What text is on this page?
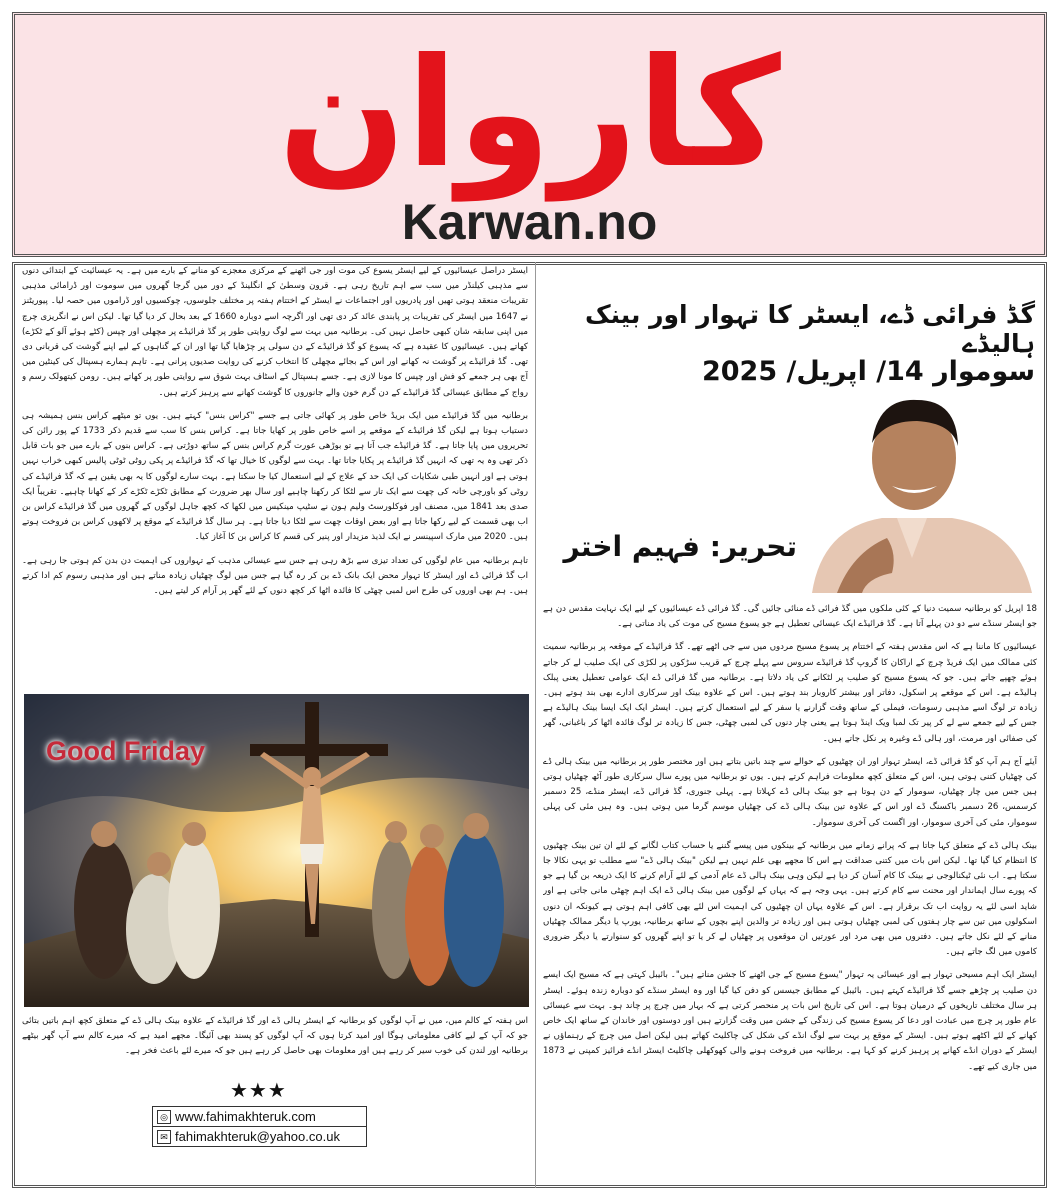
کاروان
Karwan.no

ایسٹر دراصل عیسائیوں کے لیے ایسٹر یسوع کی موت اور جی اٹھنے کے مرکزی معجزے کو منانے کے بارے میں ہے۔ یہ عیسائیت کے ابتدائی دنوں سے مذہبی کیلنڈر میں سب سے اہم تاریخ رہی ہے۔ قرون وسطیٰ کے انگلینڈ کے دور میں گرجا گھروں میں سوموت اور ڈرامائی مذہبی تقریبات منعقد ہوتی تھیں اور پادریوں اور اجتماعات نے ایسٹر کے اختتام ہفتہ پر مختلف جلوسوں، چوکسیوں اور ڈراموں میں حصہ لیا۔ پیوریٹنز نے 1647 میں ایسٹر کی تقریبات پر پابندی عائد کر دی تھی اور اگرچہ اسے دوبارہ 1660 کے بعد بحال کر دیا گیا تھا۔ لیکن اس نے انگریزی چرچ میں اپنی سابقہ شان کبھی حاصل نہیں کی۔ برطانیہ میں بہت سے لوگ روایتی طور پر گڈ فرائیڈے پر مچھلی اور چپس (کٹے ہوئے آلو کے ٹکڑے) کھاتے ہیں۔ عیسائیوں کا عقیدہ ہے کہ یسوع کو گڈ فرائیڈے کے دن سولی پر چڑھایا گیا تھا اور ان کے گناہوں کے لیے اپنے گوشت کی قربانی دی تھی۔ گڈ فرائیڈے پر گوشت نہ کھانے اور اس کے بجائے مچھلی کا انتخاب کرنے کی روایت صدیوں پرانی ہے۔ تاہم ہمارے ہسپتال کی کینٹین میں آج بھی ہر جمعے کو فش اور چپس کا مونا لازی ہے۔ جسے ہسپتال کے اسٹاف بہت شوق سے روایتی طور پر کھاتے ہیں۔ رومن کیتھولک رسم و رواج کے مطابق عیسائی گڈ فرائیڈے کے دن گرم خون والے جانوروں کا گوشت کھانے سے پرہیز کرتے ہیں۔

برطانیہ میں گڈ فرائیڈے میں ایک بریڈ خاص طور پر کھائی جاتی ہے جسے "کراس بنس" کہتے ہیں۔ یوں تو میٹھے کراس بنس ہمیشہ ہی دستیاب ہوتا ہے لیکن گڈ فرائیڈے کے موقعے پر اسے خاص طور پر کھایا جاتا ہے۔ کراس بنس کا سب سے قدیم ذکر 1733 کے پور رائن کی تحریروں میں پایا جاتا ہے۔ گڈ فرائیڈے جب آتا ہے تو بوڑھی عورت گرم کراس بنس کے ساتھ دوڑتی ہے۔ کراس بنوں کے بارے میں جو بات قابل ذکر تھی وہ یہ تھی کہ انہیں گڈ فرائیڈے پر پکایا جاتا تھا۔ بہت سے لوگوں کا خیال تھا کہ گڈ فرائیڈے پر پکی روٹی ٹوٹی پالیس کبھی خراب نہیں ہوتی ہے اور انہیں طبی شکایات کی ایک حد کے علاج کے لیے استعمال کیا جا سکتا ہے۔ بہت سارے لوگوں کا یہ بھی یقین ہے کہ گڈ فرائیڈے کی روٹی کو باورچی خانہ کی چھت سے ایک تار سے لٹکا کر رکھنا چاہیے اور سال بھر ضرورت کے مطابق ٹکڑے ٹکڑے کر کے کھانا چاہیے۔ تقریباً ایک صدی بعد 1841 میں، مصنف اور فوکلورسٹ ولیم ہون نے سٹیپ مینکیس میں لکھا کہ کچھ جاہل لوگوں کے گھروں میں گڈ فرائیڈے کراس بن اب بھی قسمت کے لیے رکھا جاتا ہے اور بعض اوقات چھت سے لٹکا دیا جاتا ہے۔ ہر سال گڈ فرائیڈے کے موقع پر لاکھوں کراس بن فروخت ہوتے ہیں۔ 2020 میں مارک اسپینسر نے ایک لذیذ مزیدار اور پنیر کی قسم کا کراس بن کا آغاز کیا۔

تاہم برطانیہ میں عام لوگوں کی تعداد تیزی سے بڑھ رہی ہے جس سے عیسائی مذہب کے تہواروں کی اہمیت دن بدن کم ہوتی جا رہی ہے۔ اب گڈ فرائی ڈے اور ایسٹر کا تہوار محض ایک بانک ڈے بن کر رہ گیا ہے جس میں لوگ چھٹیاں زیادہ مناتے ہیں اور مذہبی رسوم کم ادا کرتے ہیں۔ ہم بھی اوروں کی طرح اس لمبی چھٹی کا فائدہ اٹھا کر کچھ دنوں کے لئے گھر پر آرام کر لیتے ہیں۔

Good Friday
اس ہفتہ کے کالم میں، میں نے آپ لوگوں کو برطانیہ کے ایسٹر ہالی ڈے اور گڈ فرائیڈے کے علاوہ بینک ہالی ڈے کے متعلق کچھ اہم باتیں بتائی جو کہ آپ کے لیے کافی معلوماتی ہوگا اور امید کرتا ہوں کہ آپ لوگوں کو پسند بھی آئیگا۔ مجھے امید ہے کہ میرے کالم سے آپ گھر بیٹھے برطانیہ اور لندن کی خوب سیر کر رہے ہیں اور معلومات بھی حاصل کر رہے ہیں جو کہ میرے لئے باعث فخر ہے۔
★★★
◎ www.fahimakhteruk.com
✉ fahimakhteruk@yahoo.co.uk
گڈ فرائی ڈے، ایسٹر کا تہوار اور بینک ہالیڈے
سوموار 14/ اپریل/ 2025
تحریر: فہیم اختر

18 اپریل کو برطانیہ سمیت دنیا کے کئی ملکوں میں گڈ فرائی ڈے منائی جائیں گی۔ گڈ فرائی ڈے عیسائیوں کے لیے ایک نہایت مقدس دن ہے جو ایسٹر سنڈے سے دو دن پہلے آتا ہے۔ گڈ فرائیڈے ایک عیسائی تعطیل ہے جو یسوع مسیح کی موت کی یاد مناتی ہے۔

عیسائیوں کا ماننا ہے کہ اس مقدس ہفتہ کے اختتام پر یسوع مسیح مردوں میں سے جی اٹھے تھے۔ گڈ فرائیڈے کے موقعہ پر برطانیہ سمیت کئی ممالک میں ایک فریڈ چرچ کے اراکان کا گروپ گڈ فرائیڈے سروس سے پہلے چرچ کے قریب سڑکوں پر لکڑی کی ایک صلیب لے کر جاتے ہوئے چھپے جاتے ہیں۔ جو کہ یسوع مسیح کو صلیب پر لٹکانے کی یاد دلاتا ہے۔ برطانیہ میں گڈ فرائی ڈے ایک عوامی تعطیل یعنی پبلک ہالیڈے ہے۔ اس کے موقعے پر اسکول، دفاتر اور بیشتر کاروبار بند ہوتے ہیں۔ اس کے علاوہ بینک اور سرکاری ادارے بھی بند ہوتے ہیں۔ زیادہ تر لوگ اسے مذہبی رسومات، فیملی کے ساتھ وقت گزارنے یا سفر کے لیے استعمال کرتے ہیں۔ ایسٹر ایک ایک ایسا بینک ہالیڈے ہے جس کے لیے جمعے سے لے کر پیر تک لمبا ویک اینڈ ہوتا ہے یعنی چار دنوں کی لمبی چھٹی، جس کا زیادہ تر لوگ فائدہ اٹھا کر باغبانی، گھر کی صفائی اور مرمت، اور ہالی ڈے وغیرہ پر نکل جاتے ہیں۔

آیئے آج ہم آپ کو گڈ فرائی ڈے، ایسٹر تہوار اور ان چھٹیوں کے حوالے سے چند باتیں بتاتے ہیں اور مختصر طور پر برطانیہ میں بینک ہالی ڈے کی چھٹیاں کتنی ہوتی ہیں، اس کے متعلق کچھ معلومات فراہم کرتے ہیں۔ یوں تو برطانیہ میں پورے سال سرکاری طور آٹھ چھٹیاں ہوتی ہیں جس میں چار چھٹیاں، سوموار کے دن ہوتا ہے جو بینک ہالی ڈے کہلاتا ہے۔ پہلی جنوری، گڈ فرائی ڈے، ایسٹر منڈے، 25 دسمبر کرسمس، 26 دسمبر باکسنگ ڈے اور اس کے علاوہ تین بینک ہالی ڈے کی چھٹیاں موسم گرما میں ہوتی ہیں۔ وہ ہیں مئی کی پہلی سوموار، مئی کی آخری سوموار، اور اگست کی آخری سوموار۔

بینک ہالی ڈے کے متعلق کہا جاتا ہے کہ پرانے زمانے میں برطانیہ کے بینکوں میں پیسے گننے یا حساب کتاب لگانے کے لئے ان تین بینک چھٹیوں کا انتظام کیا گیا تھا۔ لیکن اس بات میں کتنی صداقت ہے اس کا مجھے بھی علم نہیں ہے لیکن "بینک ہالی ڈے" سے مطلب تو یہی نکالا جا سکتا ہے۔ اب نئی ٹیکنالوجی نے بینک کا کام آسان کر دیا ہے لیکن وہی بینک ہالی ڈے عام آدمی کے لئے آرام کرنے کا ایک ذریعہ بن گیا ہے جو کہ پورے سال ایماندار اور محنت سے کام کرتے ہیں۔ یہی وجہ ہے کہ یہاں کے لوگوں میں بینک ہالی ڈے ایک اہم چھٹی مانی جاتی ہے اور شاید اسی لئے یہ روایت اب تک برقرار ہے۔ اس کے علاوہ یہاں ان چھٹیوں کی اہمیت اس لئے بھی کافی اہم ہوتی ہے کیونکہ ان دنوں اسکولوں میں تین سے چار ہفتوں کی لمبی چھٹیاں ہوتی ہیں اور زیادہ تر والدین اپنے بچوں کے ساتھ برطانیہ، یورپ یا دیگر ممالک چھٹیاں منانے کے لئے نکل جاتے ہیں۔ دفتروں میں بھی مرد اور عورتیں ان موقعوں پر چھٹیاں لے کر یا تو اپنے گھروں کو سنوارتے یا دیگر ضروری کاموں میں لگ جاتے ہیں۔

ایسٹر ایک اہم مسیحی تہوار ہے اور عیسائی یہ تہوار "یسوع مسیح کے جی اٹھنے کا جشن مناتے ہیں"۔ بائیبل کہتی ہے کہ مسیح ایک ایسے دن صلیب پر چڑھے جسے گڈ فرائیڈے کہتے ہیں۔ بائیبل کے مطابق جیسس کو دفن کیا گیا اور وہ ایسٹر سنڈے کو دوبارہ زندہ ہوئے۔ ایسٹر ہر سال مختلف تاریخوں کے درمیان ہوتا ہے۔ اس کی تاریخ اس بات پر منحصر کرتی ہے کہ بہار میں چرچ پر چاند ہو۔ بہت سے عیسائی عام طور پر چرچ میں عبادت اور دعا کر یسوع مسیح کی زندگی کے جشن میں وقت گزارتے ہیں اور دوستوں اور خاندان کے ساتھ ایک خاص کھانے کے لئے اکٹھے ہوتے ہیں۔ ایسٹر کے موقع پر بہت سے لوگ انڈے کی شکل کی چاکلیٹ کھاتے ہیں لیکن اصل میں چرچ کے رہنماؤں نے ایسٹر کے دوران انڈے کھانے پر پرہیز کرنے کو کہا ہے۔ برطانیہ میں فروخت ہونے والی کھوکھلی چاکلیٹ ایسٹر انڈے فرائیز کمپنی نے 1873 میں جاری کیے تھے۔
